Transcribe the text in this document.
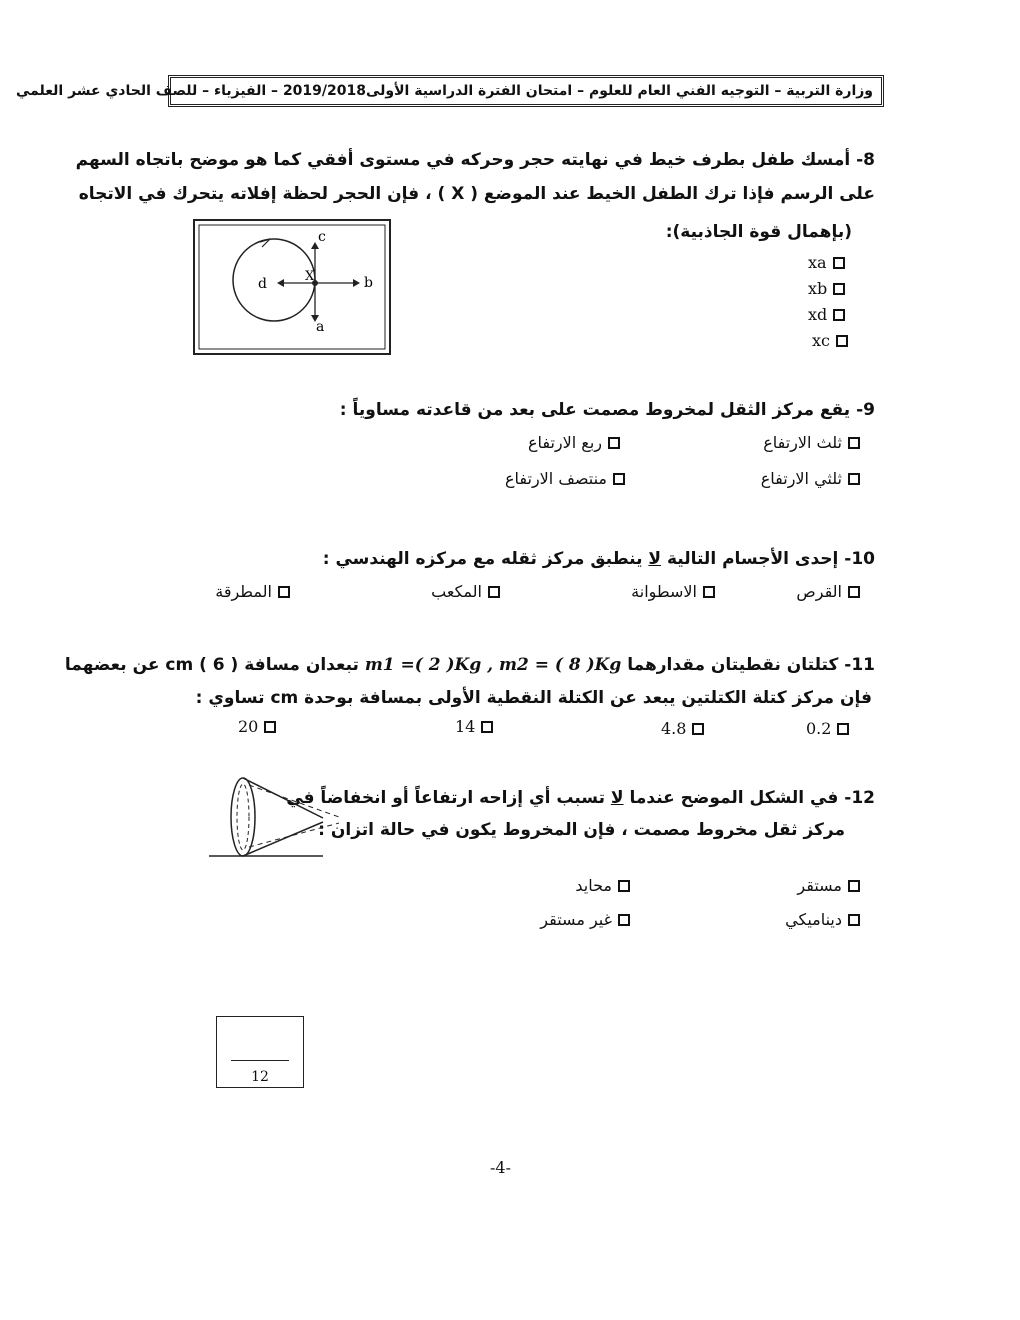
وزارة التربية – التوجيه الفني العام للعلوم – امتحان الفترة الدراسية الأولى2019/2018 – الفيزياء – للصف الحادي عشر العلمي
8- أمسك طفل بطرف خيط في نهايته حجر وحركه في مستوى أفقي كما هو موضح باتجاه السهم
على الرسم فإذا ترك الطفل الخيط عند الموضع ( X ) ، فإن الحجر لحظة إفلاته يتحرك في الاتجاه
(بإهمال قوة الجاذبية):
c
d	X	b
a
xa
xb
xd
xc
9- يقع مركز الثقل لمخروط مصمت على بعد من قاعدته مساوياً :
ثلث الارتفاع
ربع الارتفاع
ثلثي الارتفاع
منتصف الارتفاع
10- إحدى الأجسام التالية لا ينطبق مركز ثقله مع مركزه الهندسي :
القرص
الاسطوانة
المكعب
المطرقة
11- كتلتان نقطيتان مقدارهما m1 =( 2 )Kg , m2 = ( 8 )Kg تبعدان مسافة cm ( 6 ) عن بعضهما
فإن مركز كتلة الكتلتين يبعد عن الكتلة النقطية الأولى بمسافة بوحدة cm تساوي :
0.2
4.8
14
20
12- في الشكل الموضح عندما لا تسبب أي إزاحه ارتفاعاً أو انخفاضاً في
مركز ثقل مخروط مصمت ، فإن المخروط يكون في حالة اتزان :
مستقر
محايد
ديناميكي
غير مستقر
12
-4-
